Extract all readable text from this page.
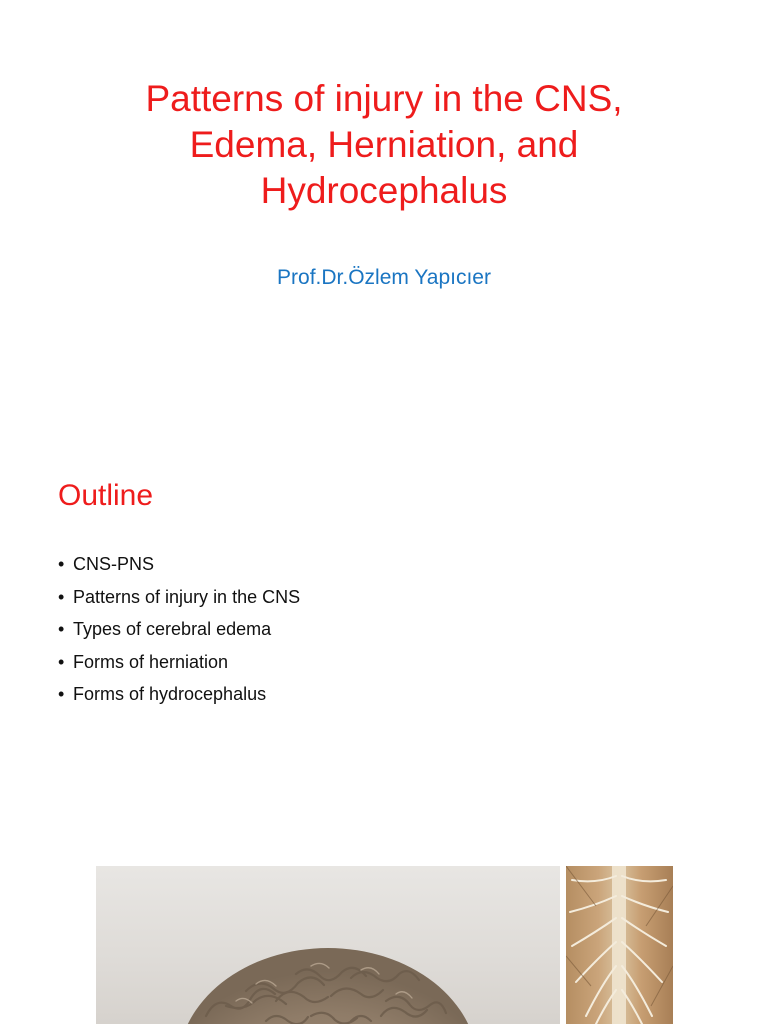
Patterns of injury in the CNS,
Edema, Herniation, and
Hydrocephalus
Prof.Dr.Özlem Yapıcıer
Outline
• CNS-PNS
• Patterns of injury in the CNS
• Types of cerebral edema
• Forms of herniation
• Forms of hydrocephalus
